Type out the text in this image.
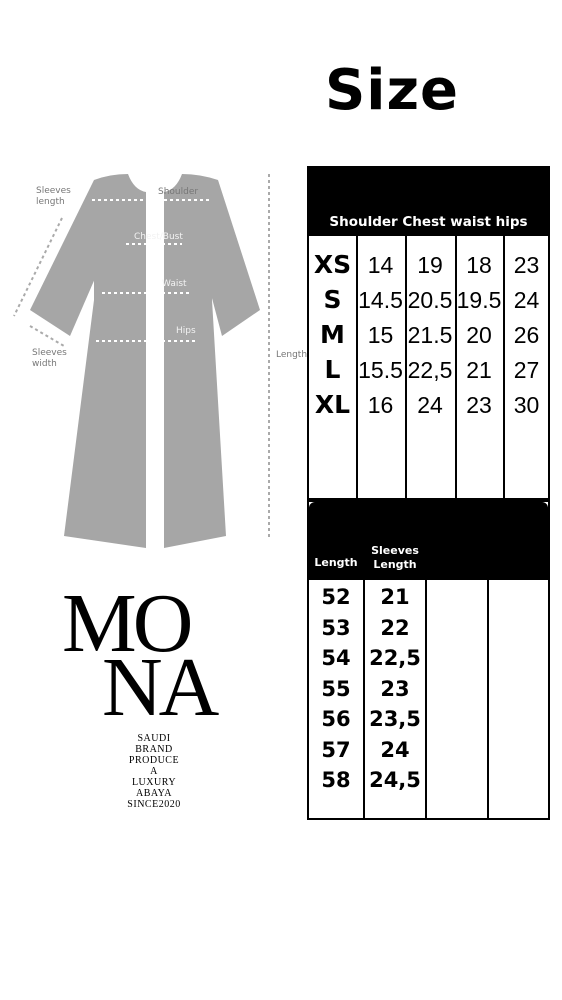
Size
Sleeves
length
Shoulder
Chest/Bust
Waist
Hips
Sleeves
width
Length
Shoulder Chest waist hips
XS 14	19	18 23
S 14.5 20.5 19.5 24
M 15 21.5 20 26
L 15.5 22,5 21 27
XL 16	24	23 30
Length
Sleeves
Length
52	21
53	22
54 22,5
55	23
56 23,5
57	24
58 24,5
MO
NA
SAUDI
BRAND
PRODUCE
A
LUXURY
ABAYA
SINCE2020
